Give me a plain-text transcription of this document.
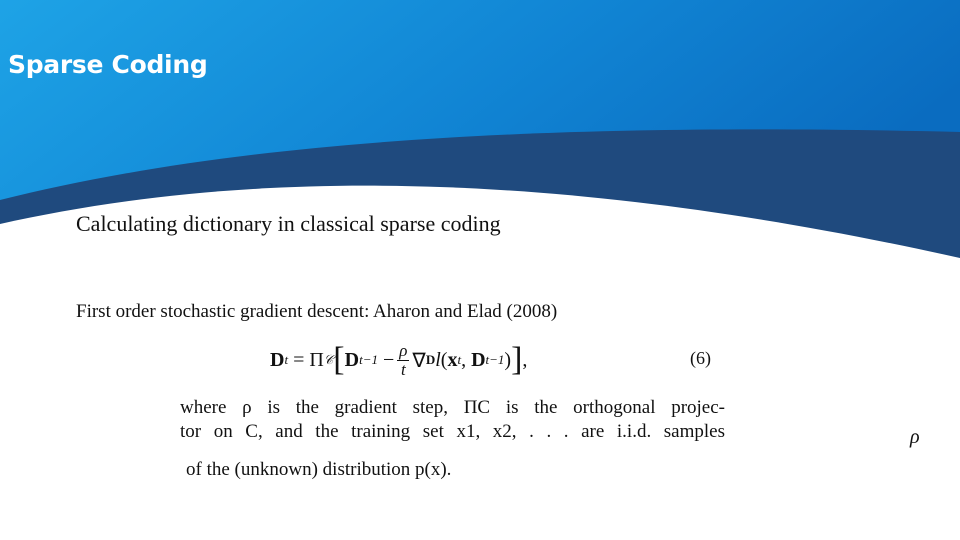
Sparse Coding

Calculating dictionary in classical sparse coding

First order stochastic gradient descent: Aharon and Elad (2008)

D t = Π 𝒞 [ D $t-1 - \frac{\rho}{t}$ ∇ D l ( x t , D t−1 ) ] ,	(6)

where ρ is the gradient step, ΠC is the orthogonal projec-
tor on C, and the training set x1, x2, . . . are i.i.d. samples

of the (unknown) distribution p(x).

ρ
